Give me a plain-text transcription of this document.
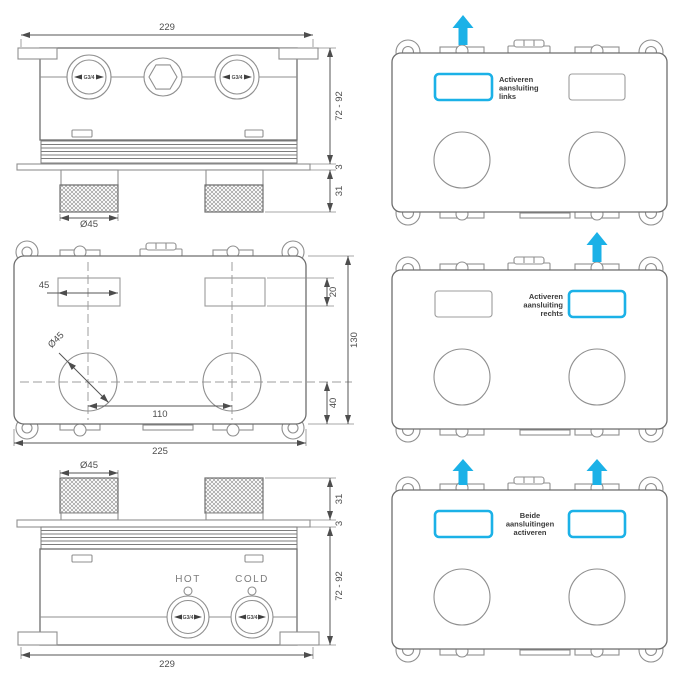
229
G3/4	G3/4
Ø45
72 - 92
3
31
45
Ø45
110
225
20
130
40
Ø45
HOT	COLD
G3/4	G3/4
229
31
3
72 - 92
Activeren
aansluiting
links
Activeren
aansluiting
rechts
Beide
aansluitingen
activeren
